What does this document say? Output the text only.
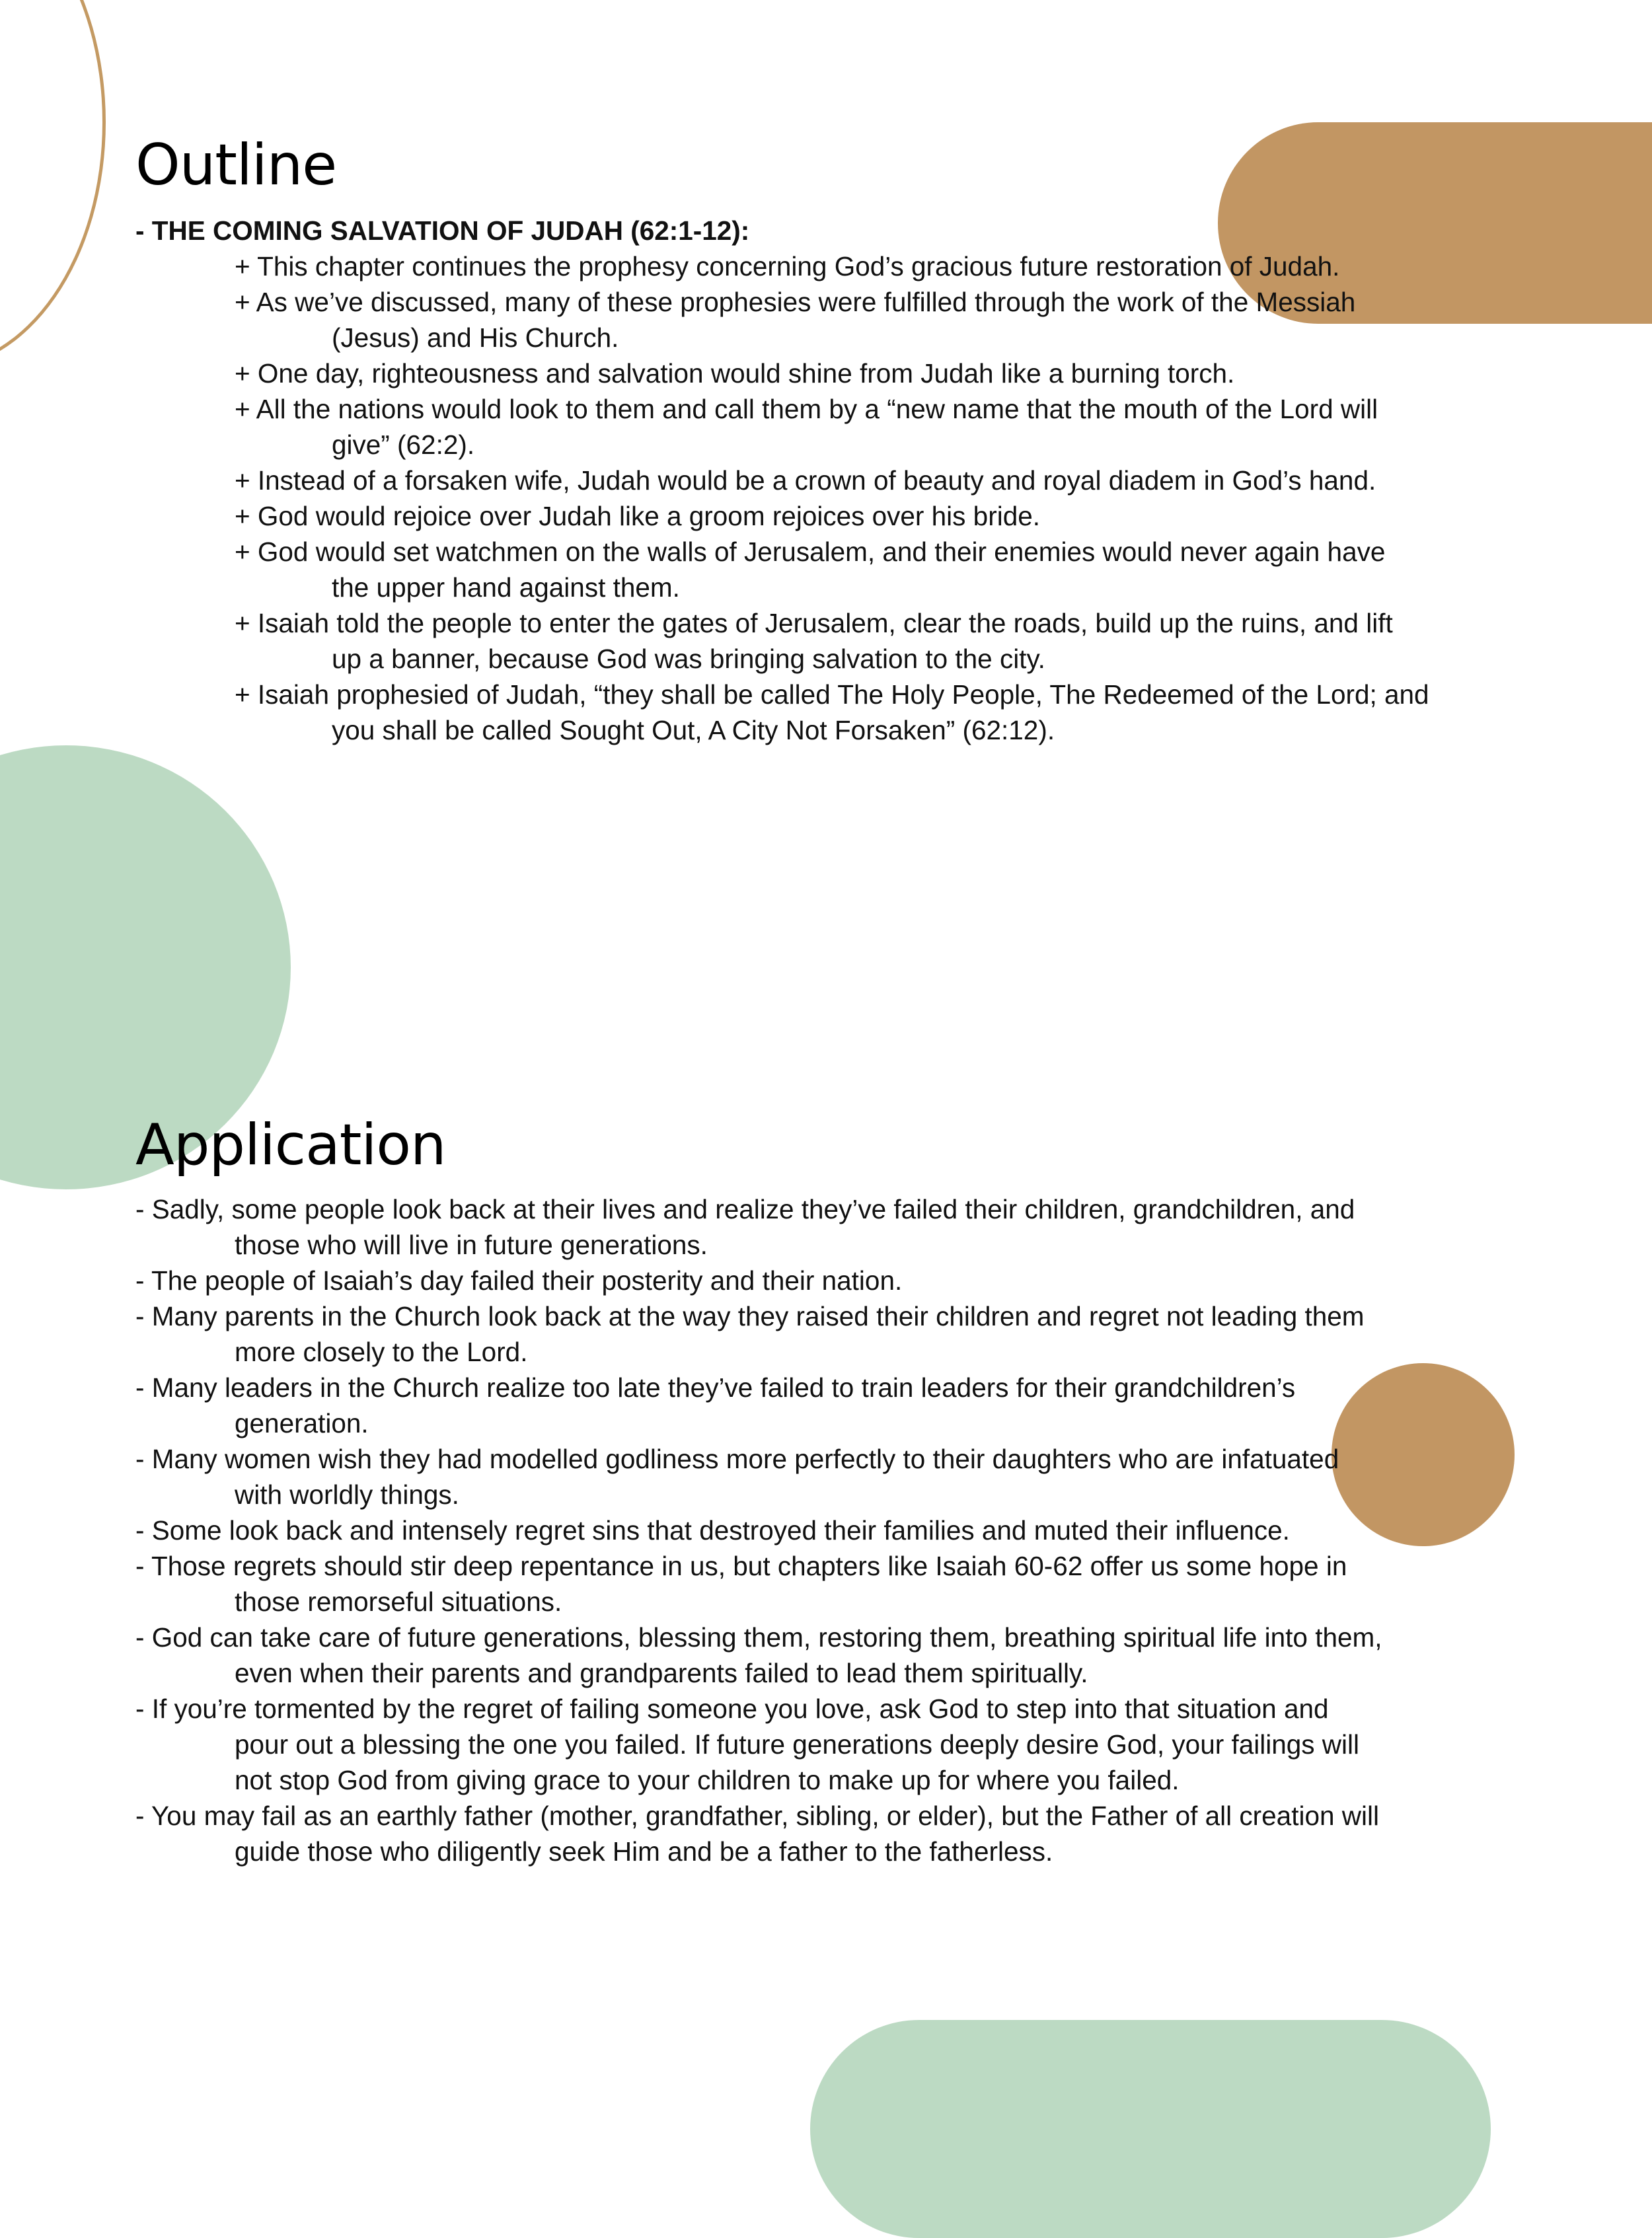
Outline

- THE COMING SALVATION OF JUDAH (62:1-12):

+ This chapter continues the prophesy concerning God’s gracious future restoration of Judah.

+ As we’ve discussed, many of these prophesies were fulfilled through the work of the Messiah

(Jesus) and His Church.

+ One day, righteousness and salvation would shine from Judah like a burning torch.

+ All the nations would look to them and call them by a “new name that the mouth of the Lord will

give” (62:2).

+ Instead of a forsaken wife, Judah would be a crown of beauty and royal diadem in God’s hand.

+ God would rejoice over Judah like a groom rejoices over his bride.

+ God would set watchmen on the walls of Jerusalem, and their enemies would never again have

the upper hand against them.

+ Isaiah told the people to enter the gates of Jerusalem, clear the roads, build up the ruins, and lift

up a banner, because God was bringing salvation to the city.

+ Isaiah prophesied of Judah, “they shall be called The Holy People, The Redeemed of the Lord; and

you shall be called Sought Out, A City Not Forsaken” (62:12).

Application

- Sadly, some people look back at their lives and realize they’ve failed their children, grandchildren, and

those who will live in future generations.

- The people of Isaiah’s day failed their posterity and their nation.

- Many parents in the Church look back at the way they raised their children and regret not leading them

more closely to the Lord.

- Many leaders in the Church realize too late they’ve failed to train leaders for their grandchildren’s

generation.

- Many women wish they had modelled godliness more perfectly to their daughters who are infatuated

with worldly things.

- Some look back and intensely regret sins that destroyed their families and muted their influence.

- Those regrets should stir deep repentance in us, but chapters like Isaiah 60-62 offer us some hope in

those remorseful situations.

- God can take care of future generations, blessing them, restoring them, breathing spiritual life into them,

even when their parents and grandparents failed to lead them spiritually.

- If you’re tormented by the regret of failing someone you love, ask God to step into that situation and

pour out a blessing the one you failed. If future generations deeply desire God, your failings will

not stop God from giving grace to your children to make up for where you failed.

- You may fail as an earthly father (mother, grandfather, sibling, or elder), but the Father of all creation will

guide those who diligently seek Him and be a father to the fatherless.
